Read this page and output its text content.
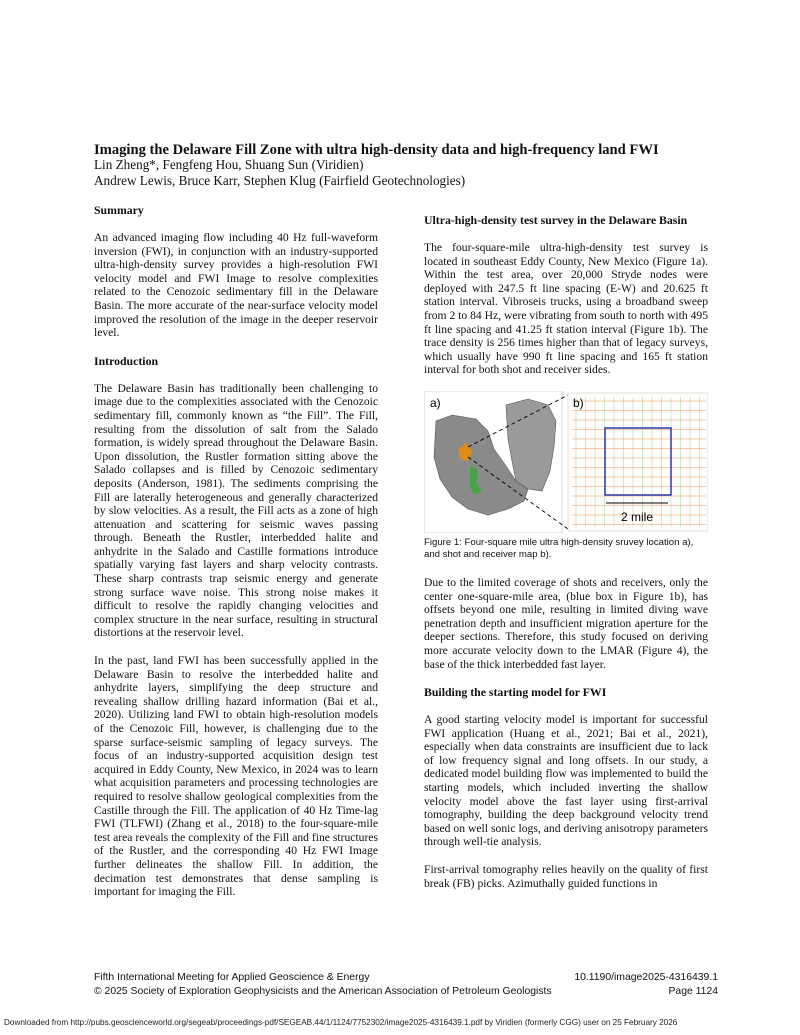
Imaging the Delaware Fill Zone with ultra high-density data and high-frequency land FWI
Lin Zheng*, Fengfeng Hou, Shuang Sun (Viridien)
Andrew Lewis, Bruce Karr, Stephen Klug (Fairfield Geotechnologies)
Summary

An advanced imaging flow including 40 Hz full-waveform inversion (FWI), in conjunction with an industry-supported ultra-high-density survey provides a high-resolution FWI velocity model and FWI Image to resolve complexities related to the Cenozoic sedimentary fill in the Delaware Basin. The more accurate of the near-surface velocity model improved the resolution of the image in the deeper reservoir level.

Introduction

The Delaware Basin has traditionally been challenging to image due to the complexities associated with the Cenozoic sedimentary fill, commonly known as “the Fill”. The Fill, resulting from the dissolution of salt from the Salado formation, is widely spread throughout the Delaware Basin. Upon dissolution, the Rustler formation sitting above the Salado collapses and is filled by Cenozoic sedimentary deposits (Anderson, 1981). The sediments comprising the Fill are laterally heterogeneous and generally characterized by slow velocities. As a result, the Fill acts as a zone of high attenuation and scattering for seismic waves passing through. Beneath the Rustler, interbedded halite and anhydrite in the Salado and Castille formations introduce spatially varying fast layers and sharp velocity contrasts. These sharp contrasts trap seismic energy and generate strong surface wave noise. This strong noise makes it difficult to resolve the rapidly changing velocities and complex structure in the near surface, resulting in structural distortions at the reservoir level.

In the past, land FWI has been successfully applied in the Delaware Basin to resolve the interbedded halite and anhydrite layers, simplifying the deep structure and revealing shallow drilling hazard information (Bai et al., 2020). Utilizing land FWI to obtain high-resolution models of the Cenozoic Fill, however, is challenging due to the sparse surface-seismic sampling of legacy surveys. The focus of an industry-supported acquisition design test acquired in Eddy County, New Mexico, in 2024 was to learn what acquisition parameters and processing technologies are required to resolve shallow geological complexities from the Castille through the Fill. The application of 40 Hz Time-lag FWI (TLFWI) (Zhang et al., 2018) to the four-square-mile test area reveals the complexity of the Fill and fine structures of the Rustler, and the corresponding 40 Hz FWI Image further delineates the shallow Fill. In addition, the decimation test demonstrates that dense sampling is important for imaging the Fill.

Ultra-high-density test survey in the Delaware Basin

The four-square-mile ultra-high-density test survey is located in southeast Eddy County, New Mexico (Figure 1a). Within the test area, over 20,000 Stryde nodes were deployed with 247.5 ft line spacing (E-W) and 20.625 ft station interval. Vibroseis trucks, using a broadband sweep from 2 to 84 Hz, were vibrating from south to north with 495 ft line spacing and 41.25 ft station interval (Figure 1b). The trace density is 256 times higher than that of legacy surveys, which usually have 990 ft line spacing and 165 ft station interval for both shot and receiver sides.

a)
2 mile
b)

Figure 1: Four-square mile ultra high-density sruvey location a), and shot and receiver map b).

Due to the limited coverage of shots and receivers, only the center one-square-mile area, (blue box in Figure 1b), has offsets beyond one mile, resulting in limited diving wave penetration depth and insufficient migration aperture for the deeper sections. Therefore, this study focused on deriving more accurate velocity down to the LMAR (Figure 4), the base of the thick interbedded fast layer.

Building the starting model for FWI

A good starting velocity model is important for successful FWI application (Huang et al., 2021; Bai et al., 2021), especially when data constraints are insufficient due to lack of low frequency signal and long offsets. In our study, a dedicated model building flow was implemented to build the starting models, which included inverting the shallow velocity model above the fast layer using first-arrival tomography, building the deep background velocity trend based on well sonic logs, and deriving anisotropy parameters through well-tie analysis.

First-arrival tomography relies heavily on the quality of first break (FB) picks. Azimuthally guided functions in

Fifth International Meeting for Applied Geoscience & Energy	10.1190/image2025-4316439.1
© 2025 Society of Exploration Geophysicists and the American Association of Petroleum Geologists	Page 1124
Downloaded from http://pubs.geoscienceworld.org/segeab/proceedings-pdf/SEGEAB.44/1/1124/7752302/image2025-4316439.1.pdf by Viridien (formerly CGG) user on 25 February 2026
